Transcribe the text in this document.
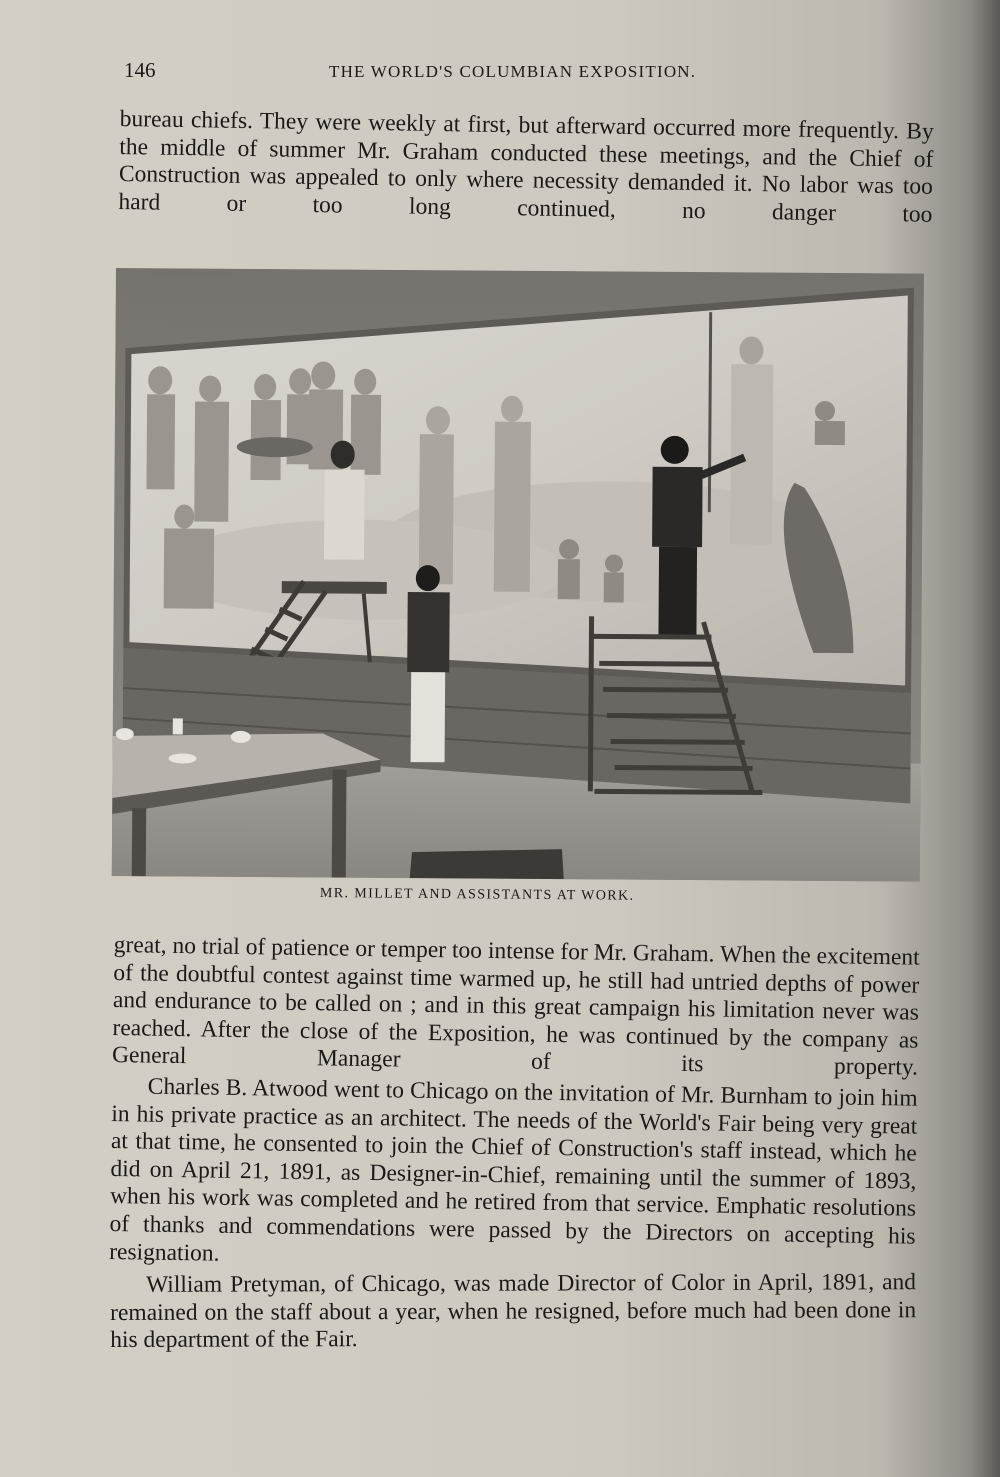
146	THE WORLD'S COLUMBIAN EXPOSITION.

bureau chiefs. They were weekly at first, but afterward occurred more frequently. By the middle of summer Mr. Graham conducted these meetings, and the Chief of Construction was appealed to only where necessity demanded it. No labor was too hard or too long continued, no danger too

MR. MILLET AND ASSISTANTS AT WORK.

great, no trial of patience or temper too intense for Mr. Graham. When the excitement of the doubtful contest against time warmed up, he still had untried depths of power and endurance to be called on ; and in this great campaign his limitation never was reached. After the close of the Exposition, he was continued by the company as General Manager of its property.

Charles B. Atwood went to Chicago on the invitation of Mr. Burnham to join him in his private practice as an architect. The needs of the World's Fair being very great at that time, he consented to join the Chief of Construction's staff instead, which he did on April 21, 1891, as Designer-in-Chief, remaining until the summer of 1893, when his work was completed and he retired from that service. Emphatic resolutions of thanks and commendations were passed by the Directors on accepting his resignation.

William Pretyman, of Chicago, was made Director of Color in April, 1891, and remained on the staff about a year, when he resigned, before much had been done in his department of the Fair.
